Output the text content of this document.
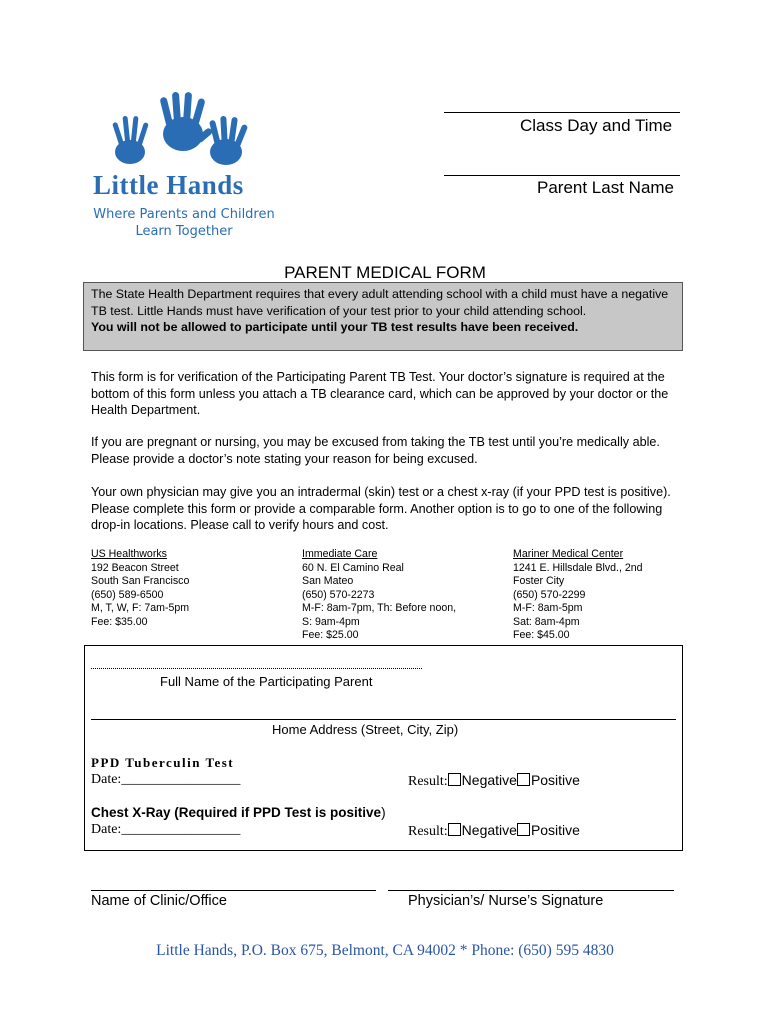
Little Hands
Where Parents and Children
Learn Together
Class Day and Time
Parent Last Name
PARENT MEDICAL FORM
The State Health Department requires that every adult attending school with a child must have a negative TB test. Little Hands must have verification of your test prior to your child attending school.
You will not be allowed to participate until your TB test results have been received.
This form is for verification of the Participating Parent TB Test. Your doctor’s signature is required at the bottom of this form unless you attach a TB clearance card, which can be approved by your doctor or the Health Department.
If you are pregnant or nursing, you may be excused from taking the TB test until you’re medically able. Please provide a doctor’s note stating your reason for being excused.
Your own physician may give you an intradermal (skin) test or a chest x-ray (if your PPD test is positive). Please complete this form or provide a comparable form. Another option is to go to one of the following drop-in locations. Please call to verify hours and cost.
US Healthworks
192 Beacon Street
South San Francisco
(650) 589-6500
M, T, W, F: 7am-5pm
Fee: $35.00
Immediate Care
60 N. El Camino Real
San Mateo
(650) 570-2273
M-F: 8am-7pm, Th: Before noon,
S: 9am-4pm
Fee: $25.00
Mariner Medical Center
1241 E. Hillsdale Blvd., 2nd
Foster City
(650) 570-2299
M-F: 8am-5pm
Sat: 8am-4pm
Fee: $45.00
Full Name of the Participating Parent
Home Address (Street, City, Zip)
PPD Tuberculin Test
Date:_________________	Result: Negative Positive
Chest X-Ray (Required if PPD Test is positive)
Date:_________________	Result: Negative Positive
Name of Clinic/Office	Physician’s/ Nurse’s Signature
Little Hands, P.O. Box 675, Belmont, CA 94002 * Phone: (650) 595 4830
